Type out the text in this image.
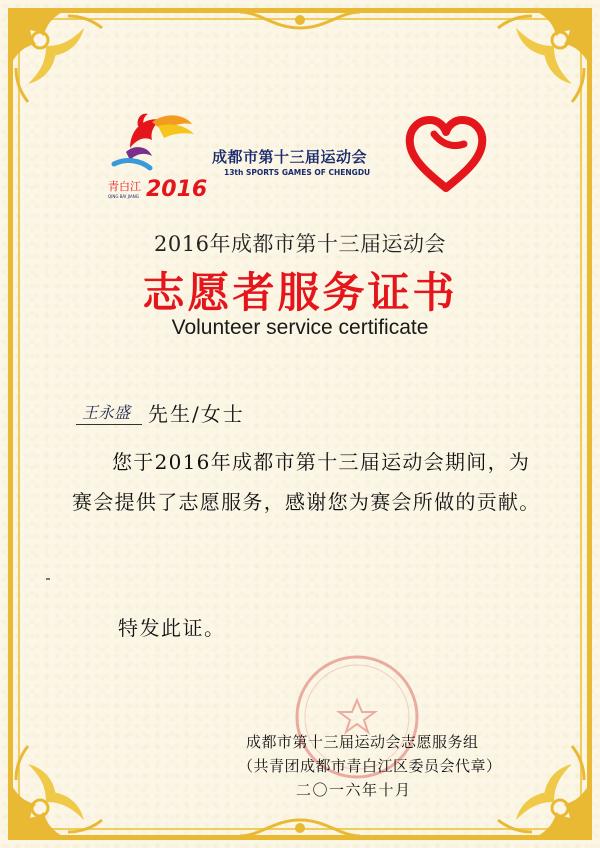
青白江
QING BAI JIANG 2016
成都市第十三届运动会
13th SPORTS GAMES OF CHENGDU
2016年成都市第十三届运动会
志愿者服务证书
Volunteer service certificate
王永盛 先生/女士
您于2016年成都市第十三届运动会期间，为赛会提供了志愿服务，感谢您为赛会所做的贡献。
特发此证。
成都市第十三届运动会志愿服务组
（共青团成都市青白江区委员会代章）
二〇一六年十月
